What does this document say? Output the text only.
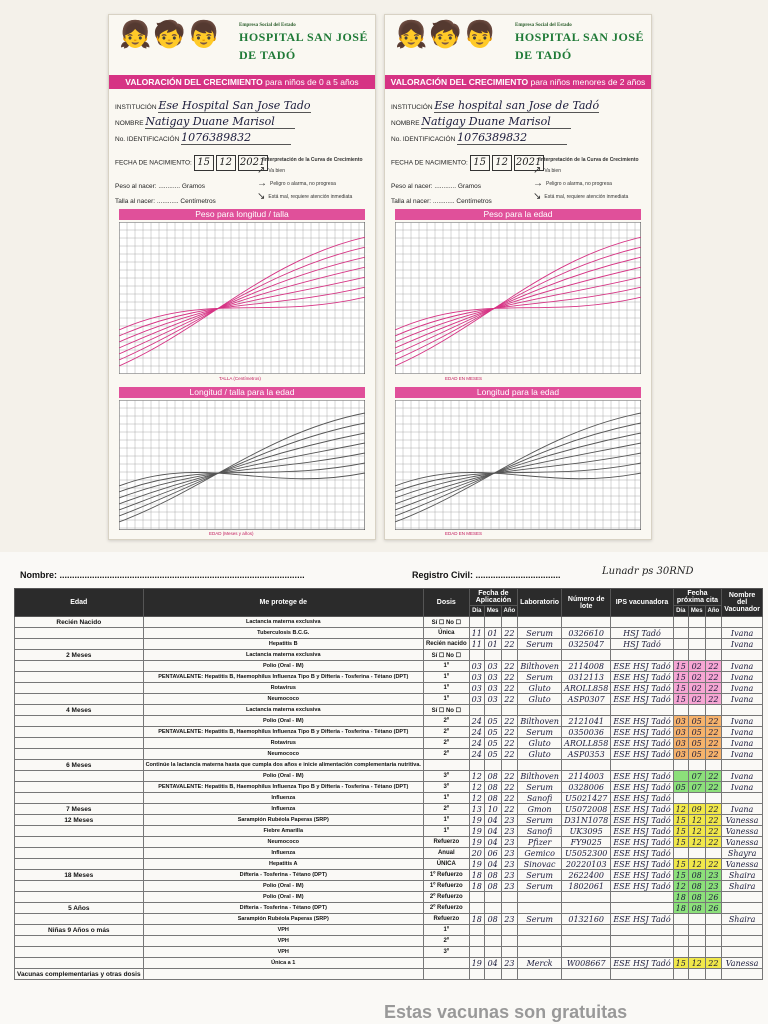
👧🧒👦	Empresa Social del Estado
HOSPITAL SAN JOSÉ DE TADÓ
VALORACIÓN DEL CRECIMIENTO para niños de 0 a 5 años
INSTITUCIÓN Ese Hospital San Jose Tado
NOMBRE Natigay Duane Marisol
No. IDENTIFICACIÓN 1076389832
FECHA DE NACIMIENTO: 15 12 2021
Peso al nacer: ............ Gramos
Talla al nacer: ............ Centímetros
Interpretación de la Curva de Crecimiento
↗ Va bien
→ Peligro o alarma, no progresa
↘ Está mal, requiere atención inmediata
Peso para longitud / talla
TALLA (Centímetros)
Longitud / talla para la edad
EDAD (Meses y años)
👧🧒👦	Empresa Social del Estado
HOSPITAL SAN JOSÉ DE TADÓ
VALORACIÓN DEL CRECIMIENTO para niños menores de 2 años
INSTITUCIÓN Ese hospital san Jose de Tadó
NOMBRE Natigay Duane Marisol
No. IDENTIFICACIÓN 1076389832
FECHA DE NACIMIENTO: 15 12 2021
Peso al nacer: ............ Gramos
Talla al nacer: ............ Centímetros
Interpretación de la Curva de Crecimiento
↗ Va bien
→ Peligro o alarma, no progresa
↘ Está mal, requiere atención inmediata
Peso para la edad
EDAD EN MESES
Longitud para la edad
EDAD EN MESES
Nombre: ..................................................................................................	Registro Civil: ..................................	Lunadr ps 30RND
Edad	Me protege de	Dosis	Fecha de Aplicación			Laboratorio	Número de lote	IPS vacunadora	Fecha próxima cita			Nombre del Vacunador
			Día	Mes	Año				Día	Mes	Año	
Recién Nacido	Lactancia materna exclusiva	Sí ☐ No ☐										
	Tuberculosis B.C.G.	Única	11	01	22	Serum	0326610	HSJ Tadó				Ivana
	Hepatitis B	Recién nacido	11	01	22	Serum	0325047	HSJ Tadó				Ivana
2 Meses	Lactancia materna exclusiva	Sí ☐ No ☐										
	Polio (Oral - IM)	1º	03	03	22	Bilthoven	2114008	ESE HSJ Tadó	15	02	22	Ivana
	PENTAVALENTE: Hepatitis B, Haemophilus Influenza Tipo B y Difteria - Tosferina - Tétano (DPT)	1º	03	03	22	Serum	0312113	ESE HSJ Tadó	15	02	22	Ivana
	Rotavirus	1º	03	03	22	Gluto	AROLL858	ESE HSJ Tadó	15	02	22	Ivana
	Neumococo	1º	03	03	22	Gluto	ASP0307	ESE HSJ Tadó	15	02	22	Ivana
4 Meses	Lactancia materna exclusiva	Sí ☐ No ☐										
	Polio (Oral - IM)	2º	24	05	22	Bilthoven	2121041	ESE HSJ Tadó	03	05	22	Ivana
	PENTAVALENTE: Hepatitis B, Haemophilus Influenza Tipo B y Difteria - Tosferina - Tétano (DPT)	2º	24	05	22	Serum	0350036	ESE HSJ Tadó	03	05	22	Ivana
	Rotavirus	2º	24	05	22	Gluto	AROLL858	ESE HSJ Tadó	03	05	22	Ivana
	Neumococo	2º	24	05	22	Gluto	ASP0353	ESE HSJ Tadó	03	05	22	Ivana
6 Meses	Continúe la lactancia materna hasta que cumpla dos años e inicie alimentación complementaria nutritiva.											
	Polio (Oral - IM)	3º	12	08	22	Bilthoven	2114003	ESE HSJ Tadó		07	22	Ivana
	PENTAVALENTE: Hepatitis B, Haemophilus Influenza Tipo B y Difteria - Tosferina - Tétano (DPT)	3º	12	08	22	Serum	0328006	ESE HSJ Tadó	05	07	22	Ivana
	Influenza	1º	12	08	22	Sanofi	U5021427	ESE HSJ Tadó				
7 Meses	Influenza	2º	13	10	22	Gmon	U5072008	ESE HSJ Tadó	12	09	22	Ivana
12 Meses	Sarampión Rubéola Paperas (SRP)	1º	19	04	23	Serum	D31N1078	ESE HSJ Tadó	15	12	22	Vanessa
	Fiebre Amarilla	1º	19	04	23	Sanofi	UK3095	ESE HSJ Tadó	15	12	22	Vanessa
	Neumococo	Refuerzo	19	04	23	Pfizer	FY9025	ESE HSJ Tadó	15	12	22	Vanessa
	Influenza	Anual	20	06	23	Gemico	U5052300	ESE HSJ Tadó				Shayra
	Hepatitis A	ÚNICA	19	04	23	Sinovac	20220103	ESE HSJ Tadó	15	12	22	Vanessa
18 Meses	Difteria - Tosferina - Tétano (DPT)	1º Refuerzo	18	08	23	Serum	2622400	ESE HSJ Tadó	15	08	23	Shaira
	Polio (Oral - IM)	1º Refuerzo	18	08	23	Serum	1802061	ESE HSJ Tadó	12	08	23	Shaira
	Polio (Oral - IM)	2º Refuerzo							18	08	26	
5 Años	Difteria - Tosferina - Tétano (DPT)	2º Refuerzo							18	08	26	
	Sarampión Rubéola Paperas (SRP)	Refuerzo	18	08	23	Serum	0132160	ESE HSJ Tadó				Shaira
Niñas 9 Años o más	VPH	1º										
	VPH	2º										
	VPH	3º										
	Única a 1		19	04	23	Merck	W008667	ESE HSJ Tadó	15	12	22	Vanessa
Vacunas complementarias y otras dosis												
Estas vacunas son gratuitas
